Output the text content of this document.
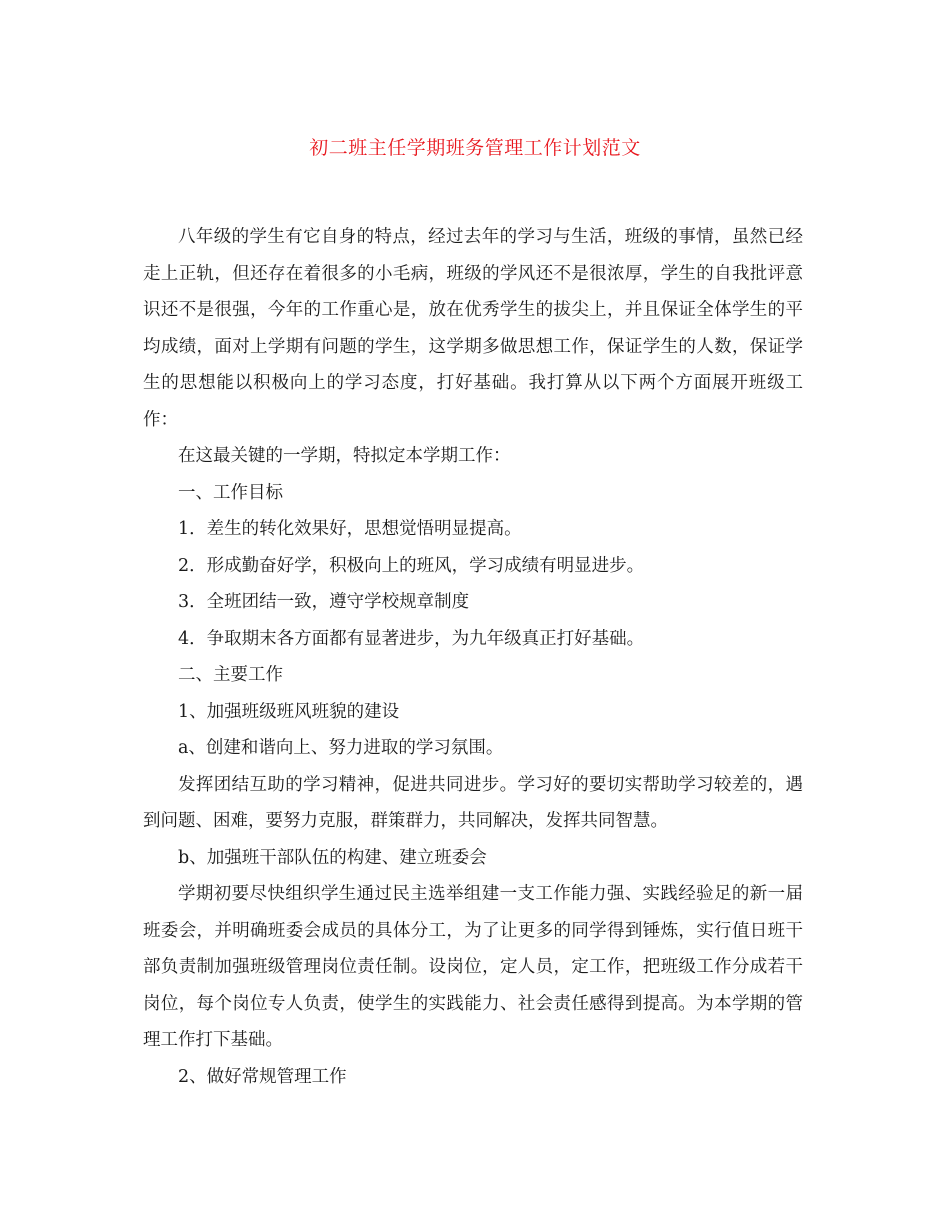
初二班主任学期班务管理工作计划范文

八年级的学生有它自身的特点，经过去年的学习与生活，班级的事情，虽然已经走上正轨，但还存在着很多的小毛病，班级的学风还不是很浓厚，学生的自我批评意识还不是很强，今年的工作重心是，放在优秀学生的拔尖上，并且保证全体学生的平均成绩，面对上学期有问题的学生，这学期多做思想工作，保证学生的人数，保证学生的思想能以积极向上的学习态度，打好基础。我打算从以下两个方面展开班级工作：

在这最关键的一学期，特拟定本学期工作：

一、工作目标

1．差生的转化效果好，思想觉悟明显提高。

2．形成勤奋好学，积极向上的班风，学习成绩有明显进步。

3．全班团结一致，遵守学校规章制度

4．争取期末各方面都有显著进步，为九年级真正打好基础。

二、主要工作

1、加强班级班风班貌的建设

a、创建和谐向上、努力进取的学习氛围。

发挥团结互助的学习精神，促进共同进步。学习好的要切实帮助学习较差的，遇到问题、困难，要努力克服，群策群力，共同解决，发挥共同智慧。

b、加强班干部队伍的构建、建立班委会

学期初要尽快组织学生通过民主选举组建一支工作能力强、实践经验足的新一届班委会，并明确班委会成员的具体分工，为了让更多的同学得到锤炼，实行值日班干部负责制加强班级管理岗位责任制。设岗位，定人员，定工作，把班级工作分成若干岗位，每个岗位专人负责，使学生的实践能力、社会责任感得到提高。为本学期的管理工作打下基础。

2、做好常规管理工作
